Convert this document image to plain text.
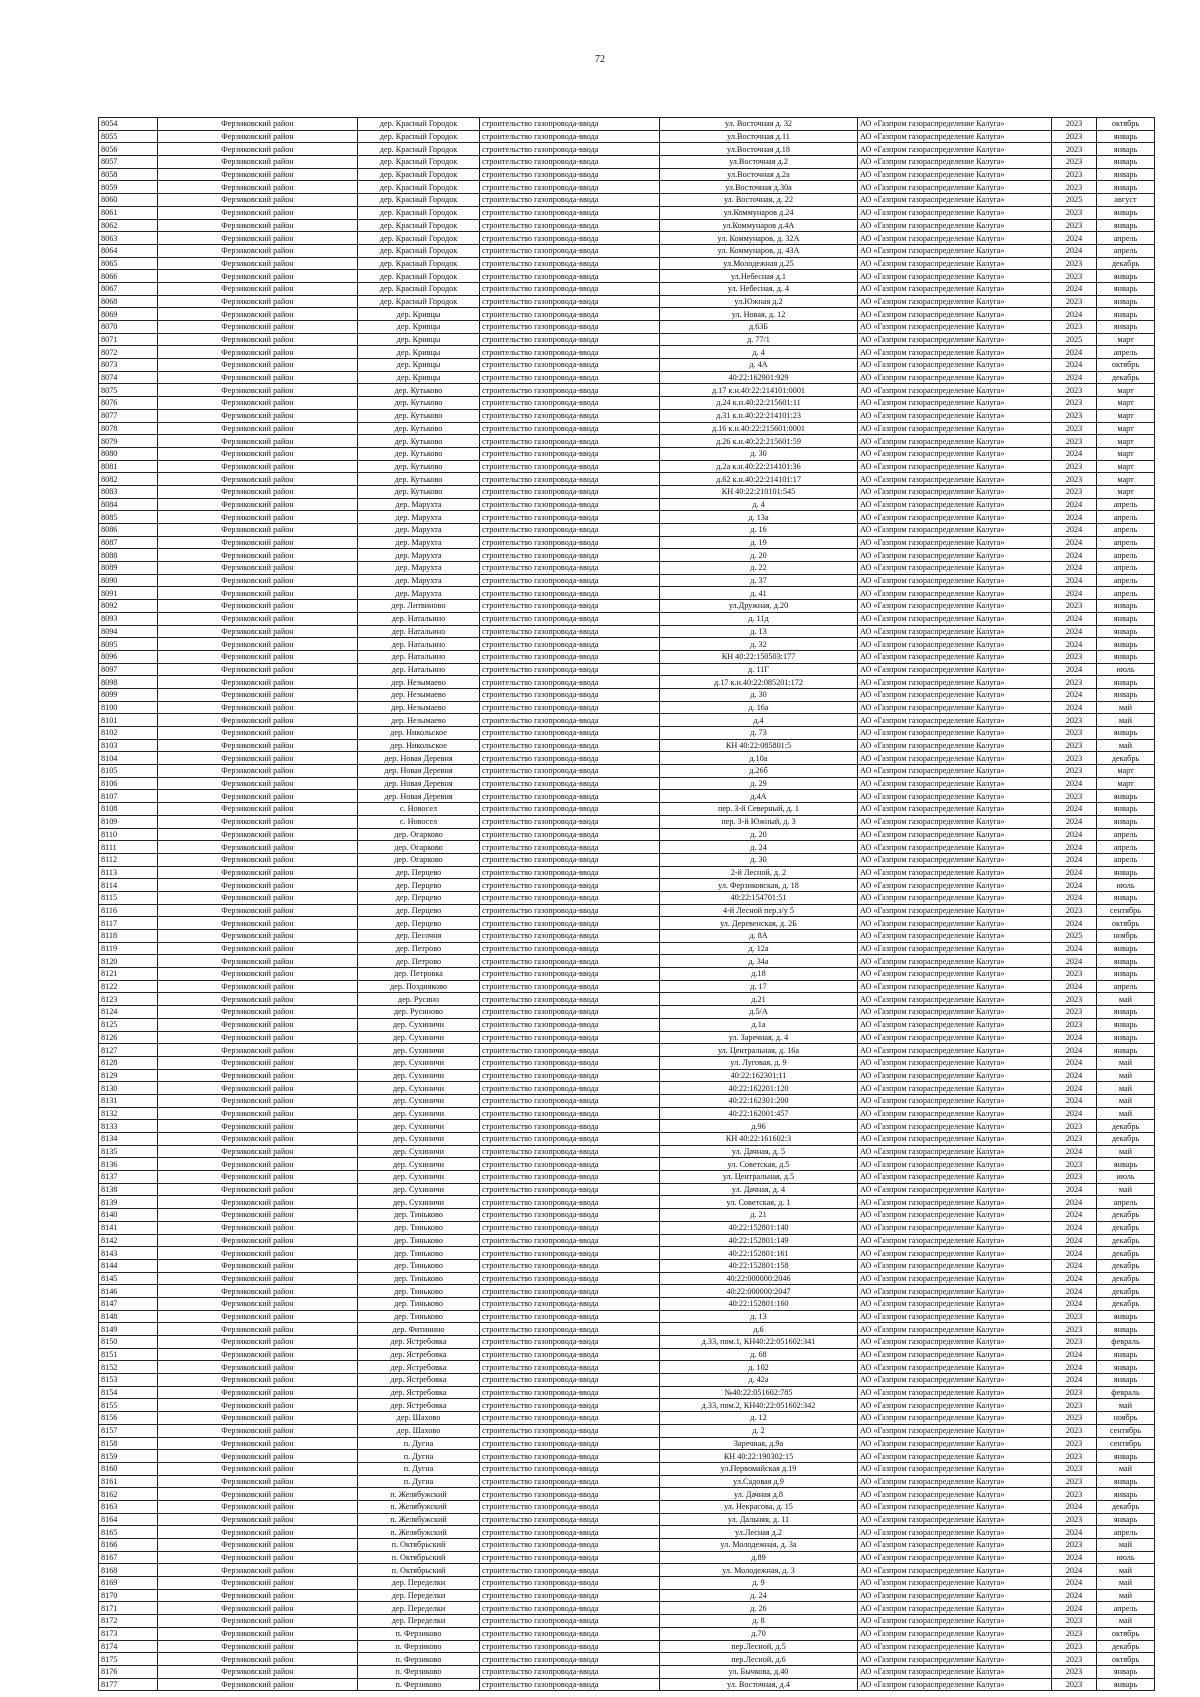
72
8054	Ферзиковский район	дер. Красный Городок	строительство газопровода-ввода	ул. Восточная д. 32	АО «Газпром газораспределение Калуга»	2023	октябрь
8055	Ферзиковский район	дер. Красный Городок	строительство газопровода-ввода	ул.Восточная д.11	АО «Газпром газораспределение Калуга»	2023	январь
8056	Ферзиковский район	дер. Красный Городок	строительство газопровода-ввода	ул.Восточная д.18	АО «Газпром газораспределение Калуга»	2023	январь
8057	Ферзиковский район	дер. Красный Городок	строительство газопровода-ввода	ул.Восточная д.2	АО «Газпром газораспределение Калуга»	2023	январь
8058	Ферзиковский район	дер. Красный Городок	строительство газопровода-ввода	ул.Восточная д.2а	АО «Газпром газораспределение Калуга»	2023	январь
8059	Ферзиковский район	дер. Красный Городок	строительство газопровода-ввода	ул.Восточная д.30а	АО «Газпром газораспределение Калуга»	2023	январь
8060	Ферзиковский район	дер. Красный Городок	строительство газопровода-ввода	ул. Восточная, д. 22	АО «Газпром газораспределение Калуга»	2025	август
8061	Ферзиковский район	дер. Красный Городок	строительство газопровода-ввода	ул.Коммунаров д.24	АО «Газпром газораспределение Калуга»	2023	январь
8062	Ферзиковский район	дер. Красный Городок	строительство газопровода-ввода	ул.Коммунаров д.4А	АО «Газпром газораспределение Калуга»	2023	январь
8063	Ферзиковский район	дер. Красный Городок	строительство газопровода-ввода	ул. Коммунаров, д. 32А	АО «Газпром газораспределение Калуга»	2024	апрель
8064	Ферзиковский район	дер. Красный Городок	строительство газопровода-ввода	ул. Коммунаров, д. 43А	АО «Газпром газораспределение Калуга»	2024	апрель
8065	Ферзиковский район	дер. Красный Городок	строительство газопровода-ввода	ул.Молодежная д.25	АО «Газпром газораспределение Калуга»	2023	декабрь
8066	Ферзиковский район	дер. Красный Городок	строительство газопровода-ввода	ул.Небесная д.1	АО «Газпром газораспределение Калуга»	2023	январь
8067	Ферзиковский район	дер. Красный Городок	строительство газопровода-ввода	ул. Небесная, д. 4	АО «Газпром газораспределение Калуга»	2024	январь
8068	Ферзиковский район	дер. Красный Городок	строительство газопровода-ввода	ул.Южная д.2	АО «Газпром газораспределение Калуга»	2023	январь
8069	Ферзиковский район	дер. Кривцы	строительство газопровода-ввода	ул. Новая, д. 12	АО «Газпром газораспределение Калуга»	2024	январь
8070	Ферзиковский район	дер. Кривцы	строительство газопровода-ввода	д.63Б	АО «Газпром газораспределение Калуга»	2023	январь
8071	Ферзиковский район	дер. Кривцы	строительство газопровода-ввода	д. 77/1	АО «Газпром газораспределение Калуга»	2025	март
8072	Ферзиковский район	дер. Кривцы	строительство газопровода-ввода	д. 4	АО «Газпром газораспределение Калуга»	2024	апрель
8073	Ферзиковский район	дер. Кривцы	строительство газопровода-ввода	д. 4А	АО «Газпром газораспределение Калуга»	2024	октябрь
8074	Ферзиковский район	дер. Кривцы	строительство газопровода-ввода	40:22:162901:929	АО «Газпром газораспределение Калуга»	2024	декабрь
8075	Ферзиковский район	дер. Кутьково	строительство газопровода-ввода	д.17 к.н.40:22:214101:0001	АО «Газпром газораспределение Калуга»	2023	март
8076	Ферзиковский район	дер. Кутьково	строительство газопровода-ввода	д.24 к.н.40:22:215601:11	АО «Газпром газораспределение Калуга»	2023	март
8077	Ферзиковский район	дер. Кутьково	строительство газопровода-ввода	д.31 к.н.40:22:214101:23	АО «Газпром газораспределение Калуга»	2023	март
8078	Ферзиковский район	дер. Кутьково	строительство газопровода-ввода	д.16 к.н.40:22:215601:0001	АО «Газпром газораспределение Калуга»	2023	март
8079	Ферзиковский район	дер. Кутьково	строительство газопровода-ввода	д.26 к.н.40:22:215601:59	АО «Газпром газораспределение Калуга»	2023	март
8080	Ферзиковский район	дер. Кутьково	строительство газопровода-ввода	д. 30	АО «Газпром газораспределение Калуга»	2024	март
8081	Ферзиковский район	дер. Кутьково	строительство газопровода-ввода	д.2а к.н.40:22:214101:36	АО «Газпром газораспределение Калуга»	2023	март
8082	Ферзиковский район	дер. Кутьково	строительство газопровода-ввода	д.62 к.н.40:22:214101:17	АО «Газпром газораспределение Калуга»	2023	март
8083	Ферзиковский район	дер. Кутьково	строительство газопровода-ввода	КН 40:22:210101:545	АО «Газпром газораспределение Калуга»	2023	март
8084	Ферзиковский район	дер. Марухта	строительство газопровода-ввода	д. 4	АО «Газпром газораспределение Калуга»	2024	апрель
8085	Ферзиковский район	дер. Марухта	строительство газопровода-ввода	д. 13а	АО «Газпром газораспределение Калуга»	2024	апрель
8086	Ферзиковский район	дер. Марухта	строительство газопровода-ввода	д. 16	АО «Газпром газораспределение Калуга»	2024	апрель
8087	Ферзиковский район	дер. Марухта	строительство газопровода-ввода	д. 19	АО «Газпром газораспределение Калуга»	2024	апрель
8088	Ферзиковский район	дер. Марухта	строительство газопровода-ввода	д. 20	АО «Газпром газораспределение Калуга»	2024	апрель
8089	Ферзиковский район	дер. Марухта	строительство газопровода-ввода	д. 22	АО «Газпром газораспределение Калуга»	2024	апрель
8090	Ферзиковский район	дер. Марухта	строительство газопровода-ввода	д. 37	АО «Газпром газораспределение Калуга»	2024	апрель
8091	Ферзиковский район	дер. Марухта	строительство газопровода-ввода	д. 41	АО «Газпром газораспределение Калуга»	2024	апрель
8092	Ферзиковский район	дер. Литвиново	строительство газопровода-ввода	ул.Дружная, д.20	АО «Газпром газораспределение Калуга»	2023	январь
8093	Ферзиковский район	дер. Натальино	строительство газопровода-ввода	д. 11д	АО «Газпром газораспределение Калуга»	2024	январь
8094	Ферзиковский район	дер. Натальино	строительство газопровода-ввода	д. 13	АО «Газпром газораспределение Калуга»	2024	январь
8095	Ферзиковский район	дер. Натальино	строительство газопровода-ввода	д. 32	АО «Газпром газораспределение Калуга»	2024	январь
8096	Ферзиковский район	дер. Натальино	строительство газопровода-ввода	КН 40:22:150503:177	АО «Газпром газораспределение Калуга»	2023	январь
8097	Ферзиковский район	дер. Натальино	строительство газопровода-ввода	д. 11Г	АО «Газпром газораспределение Калуга»	2024	июль
8098	Ферзиковский район	дер. Незымаево	строительство газопровода-ввода	д.17 к.н.40:22:085201:172	АО «Газпром газораспределение Калуга»	2023	январь
8099	Ферзиковский район	дер. Незымаево	строительство газопровода-ввода	д. 30	АО «Газпром газораспределение Калуга»	2024	январь
8100	Ферзиковский район	дер. Незымаево	строительство газопровода-ввода	д. 16а	АО «Газпром газораспределение Калуга»	2024	май
8101	Ферзиковский район	дер. Незымаево	строительство газопровода-ввода	д.4	АО «Газпром газораспределение Калуга»	2023	май
8102	Ферзиковский район	дер. Никольское	строительство газопровода-ввода	д. 73	АО «Газпром газораспределение Калуга»	2023	январь
8103	Ферзиковский район	дер. Никольское	строительство газопровода-ввода	КН 40:22:085801:5	АО «Газпром газораспределение Калуга»	2023	май
8104	Ферзиковский район	дер. Новая Деревня	строительство газопровода-ввода	д.10а	АО «Газпром газораспределение Калуга»	2023	декабрь
8105	Ферзиковский район	дер. Новая Деревня	строительство газопровода-ввода	д.26б	АО «Газпром газораспределение Калуга»	2023	март
8106	Ферзиковский район	дер. Новая Деревня	строительство газопровода-ввода	д. 29	АО «Газпром газораспределение Калуга»	2024	март
8107	Ферзиковский район	дер. Новая Деревня	строительство газопровода-ввода	д.4А	АО «Газпром газораспределение Калуга»	2023	январь
8108	Ферзиковский район	с. Новосел	строительство газопровода-ввода	пер. 3-й Северный, д. 1	АО «Газпром газораспределение Калуга»	2024	январь
8109	Ферзиковский район	с. Новосел	строительство газопровода-ввода	пер. 3-й Южный, д. 3	АО «Газпром газораспределение Калуга»	2024	январь
8110	Ферзиковский район	дер. Огарково	строительство газопровода-ввода	д. 20	АО «Газпром газораспределение Калуга»	2024	апрель
8111	Ферзиковский район	дер. Огарково	строительство газопровода-ввода	д. 24	АО «Газпром газораспределение Калуга»	2024	апрель
8112	Ферзиковский район	дер. Огарково	строительство газопровода-ввода	д. 30	АО «Газпром газораспределение Калуга»	2024	апрель
8113	Ферзиковский район	дер. Перцево	строительство газопровода-ввода	2-й Лесной, д. 2	АО «Газпром газораспределение Калуга»	2024	январь
8114	Ферзиковский район	дер. Перцево	строительство газопровода-ввода	ул. Ферзиковская, д. 18	АО «Газпром газораспределение Калуга»	2024	июль
8115	Ферзиковский район	дер. Перцево	строительство газопровода-ввода	40:22:154701:51	АО «Газпром газораспределение Калуга»	2024	январь
8116	Ферзиковский район	дер. Перцево	строительство газопровода-ввода	4-й Лесной пер.з/у 5	АО «Газпром газораспределение Калуга»	2023	сентябрь
8117	Ферзиковский район	дер. Перцево	строительство газопровода-ввода	ул. Деревенская, д. 2Б	АО «Газпром газораспределение Калуга»	2024	октябрь
8118	Ферзиковский район	дер. Песочня	строительство газопровода-ввода	д. 8А	АО «Газпром газораспределение Калуга»	2025	ноябрь
8119	Ферзиковский район	дер. Петрово	строительство газопровода-ввода	д. 12а	АО «Газпром газораспределение Калуга»	2024	январь
8120	Ферзиковский район	дер. Петрово	строительство газопровода-ввода	д. 34а	АО «Газпром газораспределение Калуга»	2024	январь
8121	Ферзиковский район	дер. Петровка	строительство газопровода-ввода	д.18	АО «Газпром газораспределение Калуга»	2023	январь
8122	Ферзиковский район	дер. Поздняково	строительство газопровода-ввода	д. 17	АО «Газпром газораспределение Калуга»	2024	апрель
8123	Ферзиковский район	дер. Русино	строительство газопровода-ввода	д.21	АО «Газпром газораспределение Калуга»	2023	май
8124	Ферзиковский район	дер. Русиново	строительство газопровода-ввода	д.5/А	АО «Газпром газораспределение Калуга»	2023	январь
8125	Ферзиковский район	дер. Сухиничи	строительство газопровода-ввода	д.1а	АО «Газпром газораспределение Калуга»	2023	январь
8126	Ферзиковский район	дер. Сухиничи	строительство газопровода-ввода	ул. Заречная, д. 4	АО «Газпром газораспределение Калуга»	2024	январь
8127	Ферзиковский район	дер. Сухиничи	строительство газопровода-ввода	ул. Центральная, д. 16а	АО «Газпром газораспределение Калуга»	2024	январь
8128	Ферзиковский район	дер. Сухиничи	строительство газопровода-ввода	ул. Луговая, д. 9	АО «Газпром газораспределение Калуга»	2024	май
8129	Ферзиковский район	дер. Сухиничи	строительство газопровода-ввода	40:22:162301:11	АО «Газпром газораспределение Калуга»	2024	май
8130	Ферзиковский район	дер. Сухиничи	строительство газопровода-ввода	40:22:162201:120	АО «Газпром газораспределение Калуга»	2024	май
8131	Ферзиковский район	дер. Сухиничи	строительство газопровода-ввода	40:22:162301:200	АО «Газпром газораспределение Калуга»	2024	май
8132	Ферзиковский район	дер. Сухиничи	строительство газопровода-ввода	40:22:162001:457	АО «Газпром газораспределение Калуга»	2024	май
8133	Ферзиковский район	дер. Сухиничи	строительство газопровода-ввода	д.96	АО «Газпром газораспределение Калуга»	2023	декабрь
8134	Ферзиковский район	дер. Сухиничи	строительство газопровода-ввода	КН 40:22:161602:3	АО «Газпром газораспределение Калуга»	2023	декабрь
8135	Ферзиковский район	дер. Сухиничи	строительство газопровода-ввода	ул. Дачная, д. 5	АО «Газпром газораспределение Калуга»	2024	май
8136	Ферзиковский район	дер. Сухиничи	строительство газопровода-ввода	ул. Советская, д.5	АО «Газпром газораспределение Калуга»	2023	январь
8137	Ферзиковский район	дер. Сухиничи	строительство газопровода-ввода	ул. Центральная, д.5	АО «Газпром газораспределение Калуга»	2023	июль
8138	Ферзиковский район	дер. Сухиничи	строительство газопровода-ввода	ул. Дачная, д. 4	АО «Газпром газораспределение Калуга»	2024	май
8139	Ферзиковский район	дер. Сухиничи	строительство газопровода-ввода	ул. Советская, д. 1	АО «Газпром газораспределение Калуга»	2024	апрель
8140	Ферзиковский район	дер. Тиньково	строительство газопровода-ввода	д. 21	АО «Газпром газораспределение Калуга»	2024	декабрь
8141	Ферзиковский район	дер. Тиньково	строительство газопровода-ввода	40:22:152801:140	АО «Газпром газораспределение Калуга»	2024	декабрь
8142	Ферзиковский район	дер. Тиньково	строительство газопровода-ввода	40:22:152801:149	АО «Газпром газораспределение Калуга»	2024	декабрь
8143	Ферзиковский район	дер. Тиньково	строительство газопровода-ввода	40:22:152801:161	АО «Газпром газораспределение Калуга»	2024	декабрь
8144	Ферзиковский район	дер. Тиньково	строительство газопровода-ввода	40:22:152801:158	АО «Газпром газораспределение Калуга»	2024	декабрь
8145	Ферзиковский район	дер. Тиньково	строительство газопровода-ввода	40:22:000000:2046	АО «Газпром газораспределение Калуга»	2024	декабрь
8146	Ферзиковский район	дер. Тиньково	строительство газопровода-ввода	40:22:000000:2047	АО «Газпром газораспределение Калуга»	2024	декабрь
8147	Ферзиковский район	дер. Тиньково	строительство газопровода-ввода	40:22:152801:160	АО «Газпром газораспределение Калуга»	2024	декабрь
8148	Ферзиковский район	дер. Тиньково	строительство газопровода-ввода	д. 13	АО «Газпром газораспределение Калуга»	2023	январь
8149	Ферзиковский район	дер. Фитинино	строительство газопровода-ввода	д.6	АО «Газпром газораспределение Калуга»	2023	январь
8150	Ферзиковский район	дер. Ястребовка	строительство газопровода-ввода	д.33, пом.1, КН40:22:051602:341	АО «Газпром газораспределение Калуга»	2023	февраль
8151	Ферзиковский район	дер. Ястребовка	строительство газопровода-ввода	д. 68	АО «Газпром газораспределение Калуга»	2024	январь
8152	Ферзиковский район	дер. Ястребовка	строительство газопровода-ввода	д. 102	АО «Газпром газораспределение Калуга»	2024	январь
8153	Ферзиковский район	дер. Ястребовка	строительство газопровода-ввода	д. 42а	АО «Газпром газораспределение Калуга»	2024	январь
8154	Ферзиковский район	дер. Ястребовка	строительство газопровода-ввода	№40:22:051602:785	АО «Газпром газораспределение Калуга»	2023	февраль
8155	Ферзиковский район	дер. Ястребовка	строительство газопровода-ввода	д.33, пом.2, КН40:22:051602:342	АО «Газпром газораспределение Калуга»	2023	май
8156	Ферзиковский район	дер. Шахово	строительство газопровода-ввода	д. 12	АО «Газпром газораспределение Калуга»	2023	ноябрь
8157	Ферзиковский район	дер. Шахово	строительство газопровода-ввода	д. 2	АО «Газпром газораспределение Калуга»	2023	сентябрь
8158	Ферзиковский район	п. Дугна	строительство газопровода-ввода	Заречная, д.9а	АО «Газпром газораспределение Калуга»	2023	сентябрь
8159	Ферзиковский район	п. Дугна	строительство газопровода-ввода	КН 40:22:190302:15	АО «Газпром газораспределение Калуга»	2023	январь
8160	Ферзиковский район	п. Дугна	строительство газопровода-ввода	ул.Первомайская д.19	АО «Газпром газораспределение Калуга»	2023	май
8161	Ферзиковский район	п. Дугна	строительство газопровода-ввода	ул.Садовая д.9	АО «Газпром газораспределение Калуга»	2023	январь
8162	Ферзиковский район	п. Желябужский	строительство газопровода-ввода	ул. Дачная д.8	АО «Газпром газораспределение Калуга»	2023	январь
8163	Ферзиковский район	п. Желябужский	строительство газопровода-ввода	ул. Некрасова, д. 15	АО «Газпром газораспределение Калуга»	2024	декабрь
8164	Ферзиковский район	п. Желябужский	строительство газопровода-ввода	ул. Дальняя, д. 11	АО «Газпром газораспределение Калуга»	2023	январь
8165	Ферзиковский район	п. Желябужский	строительство газопровода-ввода	ул.Лесная д.2	АО «Газпром газораспределение Калуга»	2024	апрель
8166	Ферзиковский район	п. Октябрьский	строительство газопровода-ввода	ул. Молодежная, д. 3а	АО «Газпром газораспределение Калуга»	2023	май
8167	Ферзиковский район	п. Октябрьский	строительство газопровода-ввода	д.89	АО «Газпром газораспределение Калуга»	2024	июль
8168	Ферзиковский район	п. Октябрьский	строительство газопровода-ввода	ул. Молодежная, д. 3	АО «Газпром газораспределение Калуга»	2024	май
8169	Ферзиковский район	дер. Переделки	строительство газопровода-ввода	д. 9	АО «Газпром газораспределение Калуга»	2024	май
8170	Ферзиковский район	дер. Переделки	строительство газопровода-ввода	д. 24	АО «Газпром газораспределение Калуга»	2024	май
8171	Ферзиковский район	дер. Переделки	строительство газопровода-ввода	д. 26	АО «Газпром газораспределение Калуга»	2024	апрель
8172	Ферзиковский район	дер. Переделки	строительство газопровода-ввода	д. 8	АО «Газпром газораспределение Калуга»	2023	май
8173	Ферзиковский район	п. Ферзиково	строительство газопровода-ввода	д.70	АО «Газпром газораспределение Калуга»	2023	октябрь
8174	Ферзиковский район	п. Ферзиково	строительство газопровода-ввода	пер.Лесной, д.5	АО «Газпром газораспределение Калуга»	2023	декабрь
8175	Ферзиковский район	п. Ферзиково	строительство газопровода-ввода	пер.Лесной, д.6	АО «Газпром газораспределение Калуга»	2023	октябрь
8176	Ферзиковский район	п. Ферзиково	строительство газопровода-ввода	ул. Бычкова, д.40	АО «Газпром газораспределение Калуга»	2023	январь
8177	Ферзиковский район	п. Ферзиково	строительство газопровода-ввода	ул. Восточная, д.4	АО «Газпром газораспределение Калуга»	2023	январь
